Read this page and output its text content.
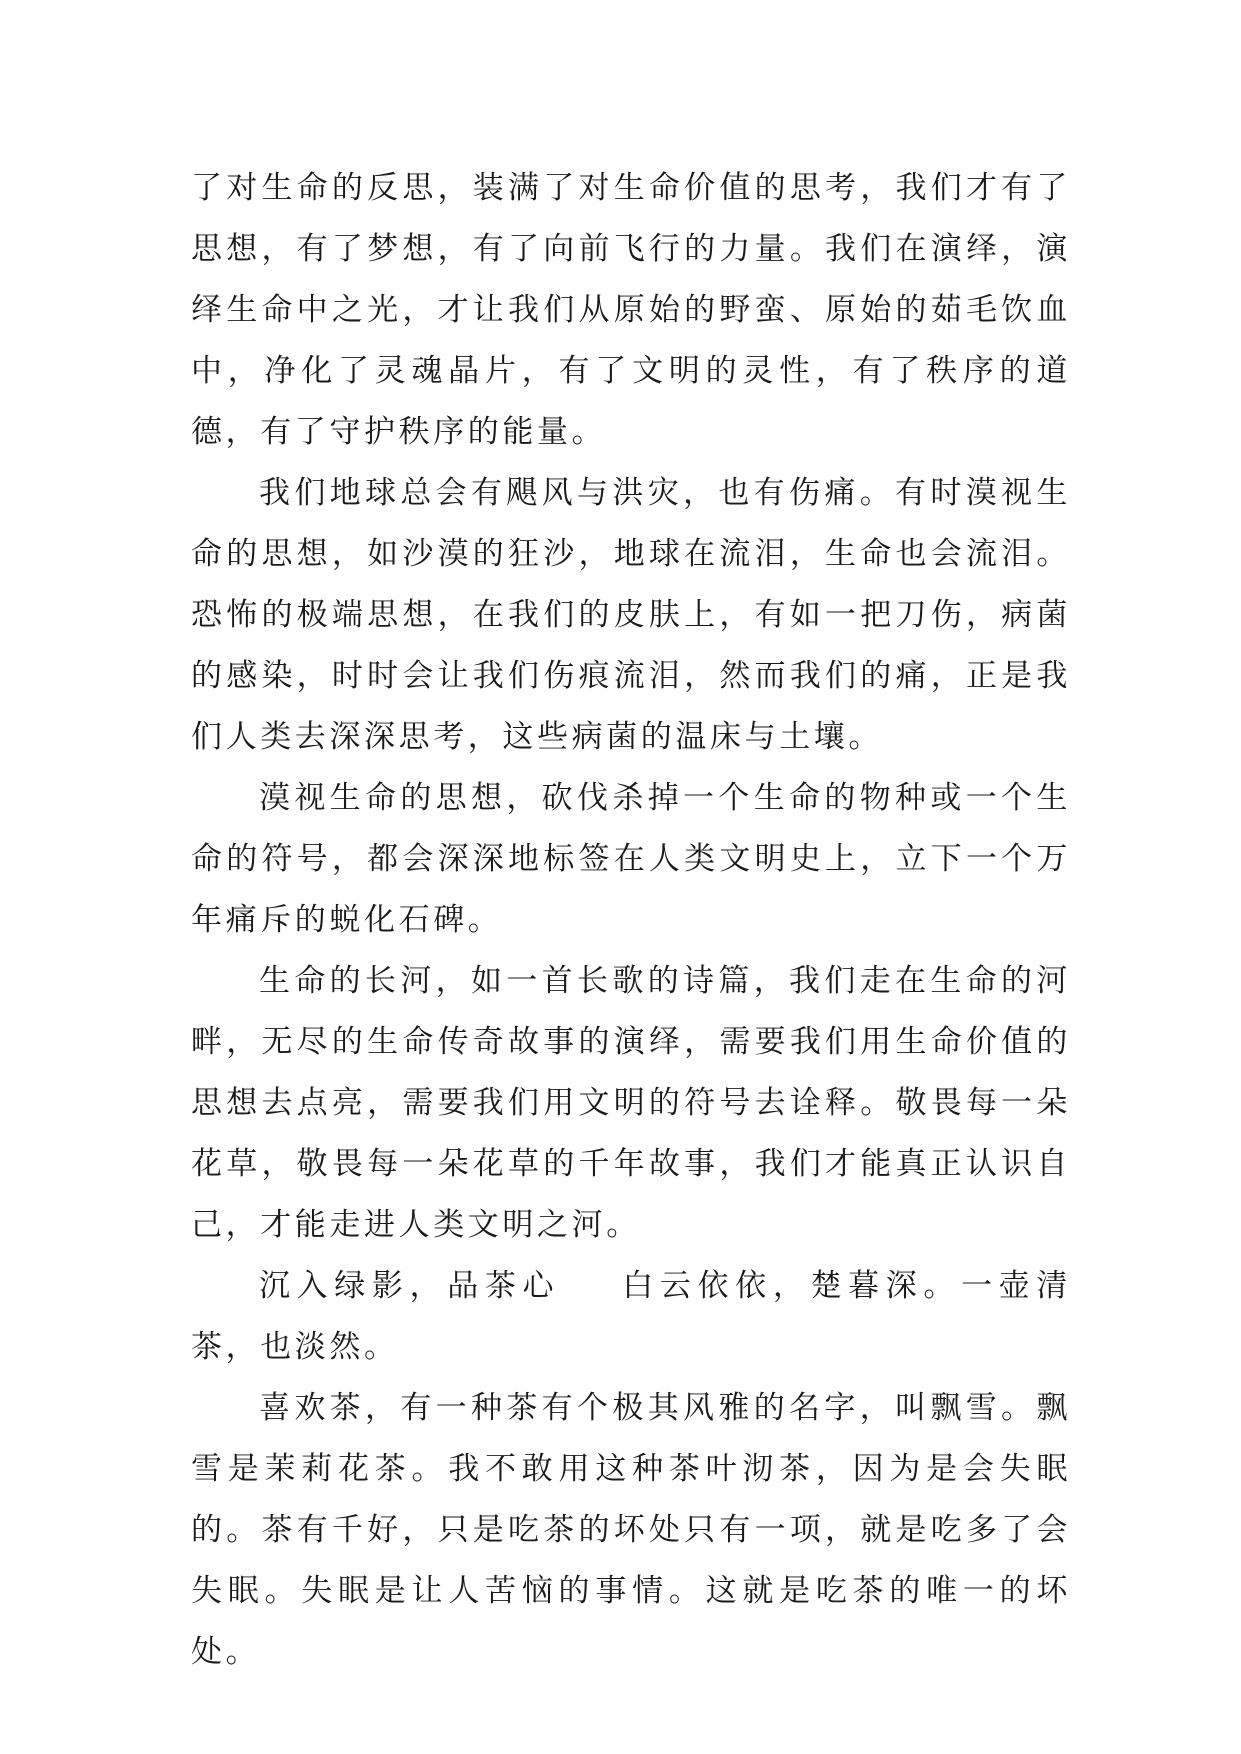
了对生命的反思，装满了对生命价值的思考，我们才有了思想，有了梦想，有了向前飞行的力量。我们在演绎，演绎生命中之光，才让我们从原始的野蛮、原始的茹毛饮血中，净化了灵魂晶片，有了文明的灵性，有了秩序的道德，有了守护秩序的能量。

我们地球总会有飓风与洪灾，也有伤痛。有时漠视生命的思想，如沙漠的狂沙，地球在流泪，生命也会流泪。恐怖的极端思想，在我们的皮肤上，有如一把刀伤，病菌的感染，时时会让我们伤痕流泪，然而我们的痛，正是我们人类去深深思考，这些病菌的温床与土壤。

漠视生命的思想，砍伐杀掉一个生命的物种或一个生命的符号，都会深深地标签在人类文明史上，立下一个万年痛斥的蜕化石碑。

生命的长河，如一首长歌的诗篇，我们走在生命的河畔，无尽的生命传奇故事的演绎，需要我们用生命价值的思想去点亮，需要我们用文明的符号去诠释。敬畏每一朵花草，敬畏每一朵花草的千年故事，我们才能真正认识自己，才能走进人类文明之河。

沉入绿影，品茶心 白云依依，楚暮深。一壶清茶，也淡然。

喜欢茶，有一种茶有个极其风雅的名字，叫飘雪。飘雪是茉莉花茶。我不敢用这种茶叶沏茶，因为是会失眠的。茶有千好，只是吃茶的坏处只有一项，就是吃多了会失眠。失眠是让人苦恼的事情。这就是吃茶的唯一的坏处。
